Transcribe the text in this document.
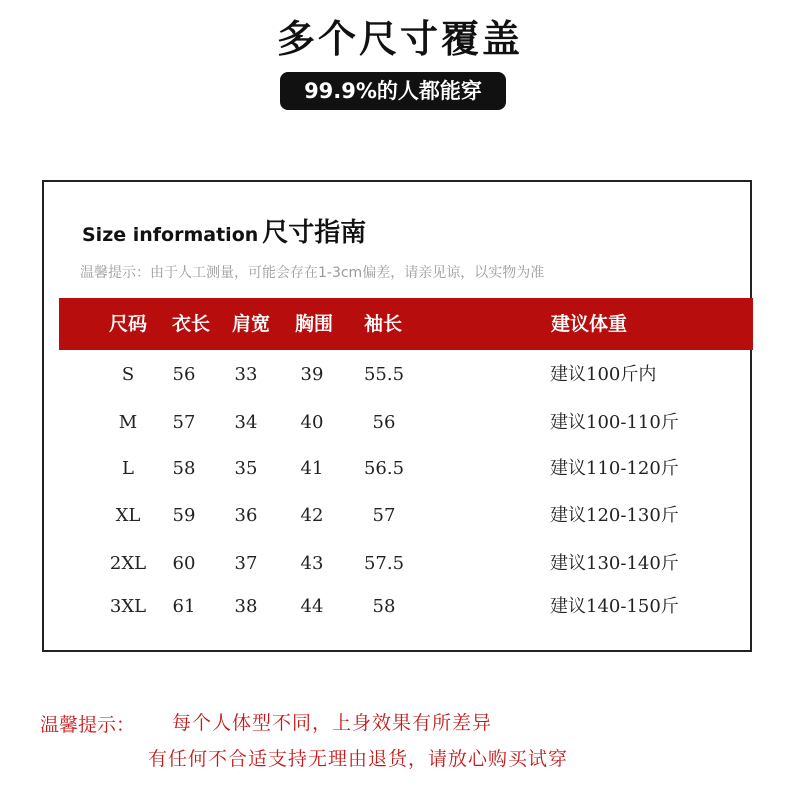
多个尺寸覆盖
99.9%的人都能穿
Size information 尺寸指南
温馨提示：由于人工测量，可能会存在1-3cm偏差，请亲见谅，以实物为准
尺码 衣长 肩宽 胸围 袖长	建议体重
S 56 33 39 55.5	建议100斤内
M 57 34 40	56	建议100-110斤
L 58 35 41 56.5	建议110-120斤
XL 59 36 42	57	建议120-130斤
2XL 60 37 43 57.5	建议130-140斤
3XL 61 38 44	58	建议140-150斤
温馨提示： 每个人体型不同，上身效果有所差异
有任何不合适支持无理由退货，请放心购买试穿
